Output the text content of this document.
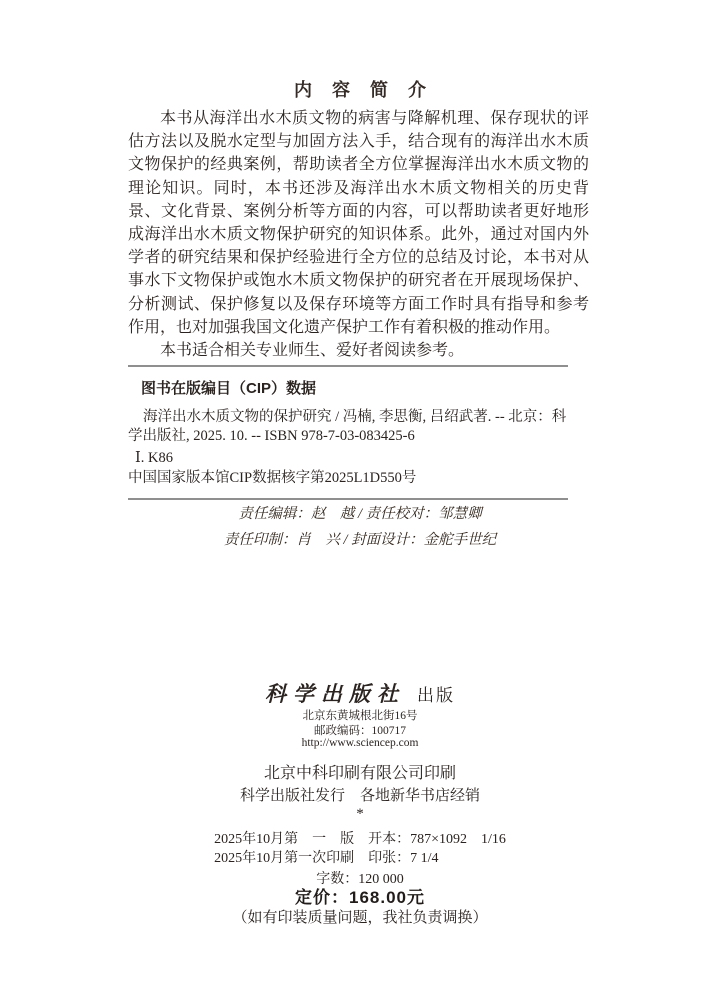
内容简介

本书从海洋出水木质文物的病害与降解机理、保存现状的评估方法以及脱水定型与加固方法入手，结合现有的海洋出水木质文物保护的经典案例，帮助读者全方位掌握海洋出水木质文物的理论知识。同时，本书还涉及海洋出水木质文物相关的历史背景、文化背景、案例分析等方面的内容，可以帮助读者更好地形成海洋出水木质文物保护研究的知识体系。此外，通过对国内外学者的研究结果和保护经验进行全方位的总结及讨论，本书对从事水下文物保护或饱水木质文物保护的研究者在开展现场保护、分析测试、保护修复以及保存环境等方面工作时具有指导和参考作用，也对加强我国文化遗产保护工作有着积极的推动作用。

本书适合相关专业师生、爱好者阅读参考。

图书在版编目（CIP）数据
海洋出水木质文物的保护研究 / 冯楠, 李思衡, 吕绍武著. -- 北京：科学出版社, 2025. 10. -- ISBN 978-7-03-083425-6
Ⅰ. K86
中国国家版本馆CIP数据核字第2025L1D550号
责任编辑：赵　越 / 责任校对：邹慧卿
责任印制：肖　兴 / 封面设计：金舵手世纪
科学出版社 出版
北京东黄城根北街16号
邮政编码：100717
http://www.sciencep.com
北京中科印刷有限公司印刷
科学出版社发行　各地新华书店经销
*
2025年10月第　一　版　开本：787×1092　1/16
2025年10月第一次印刷　印张：7 1/4
字数：120 000
定价：168.00元
（如有印装质量问题，我社负责调换）
